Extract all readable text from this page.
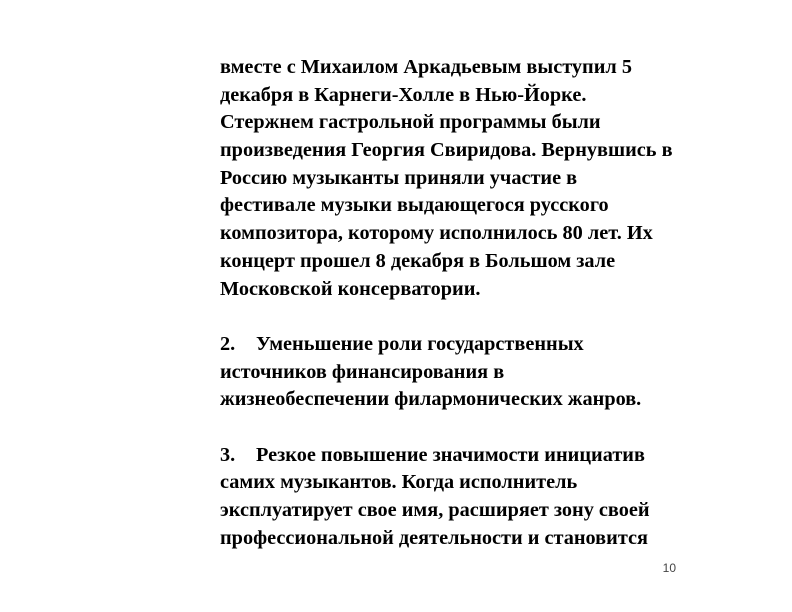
вместе с Михаилом Аркадьевым выступил 5
декабря в Карнеги-Холле в Нью-Йорке.
Стержнем гастрольной программы были
произведения Георгия Свиридова. Вернувшись в
Россию музыканты приняли участие в
фестивале музыки выдающегося русского
композитора, которому исполнилось 80 лет. Их
концерт прошел 8 декабря в Большом зале
Московской консерватории.
2. Уменьшение роли государственных
источников финансирования в
жизнеобеспечении филармонических жанров.
3. Резкое повышение значимости инициатив
самих музыкантов. Когда исполнитель
эксплуатирует свое имя, расширяет зону своей
профессиональной деятельности и становится
10
